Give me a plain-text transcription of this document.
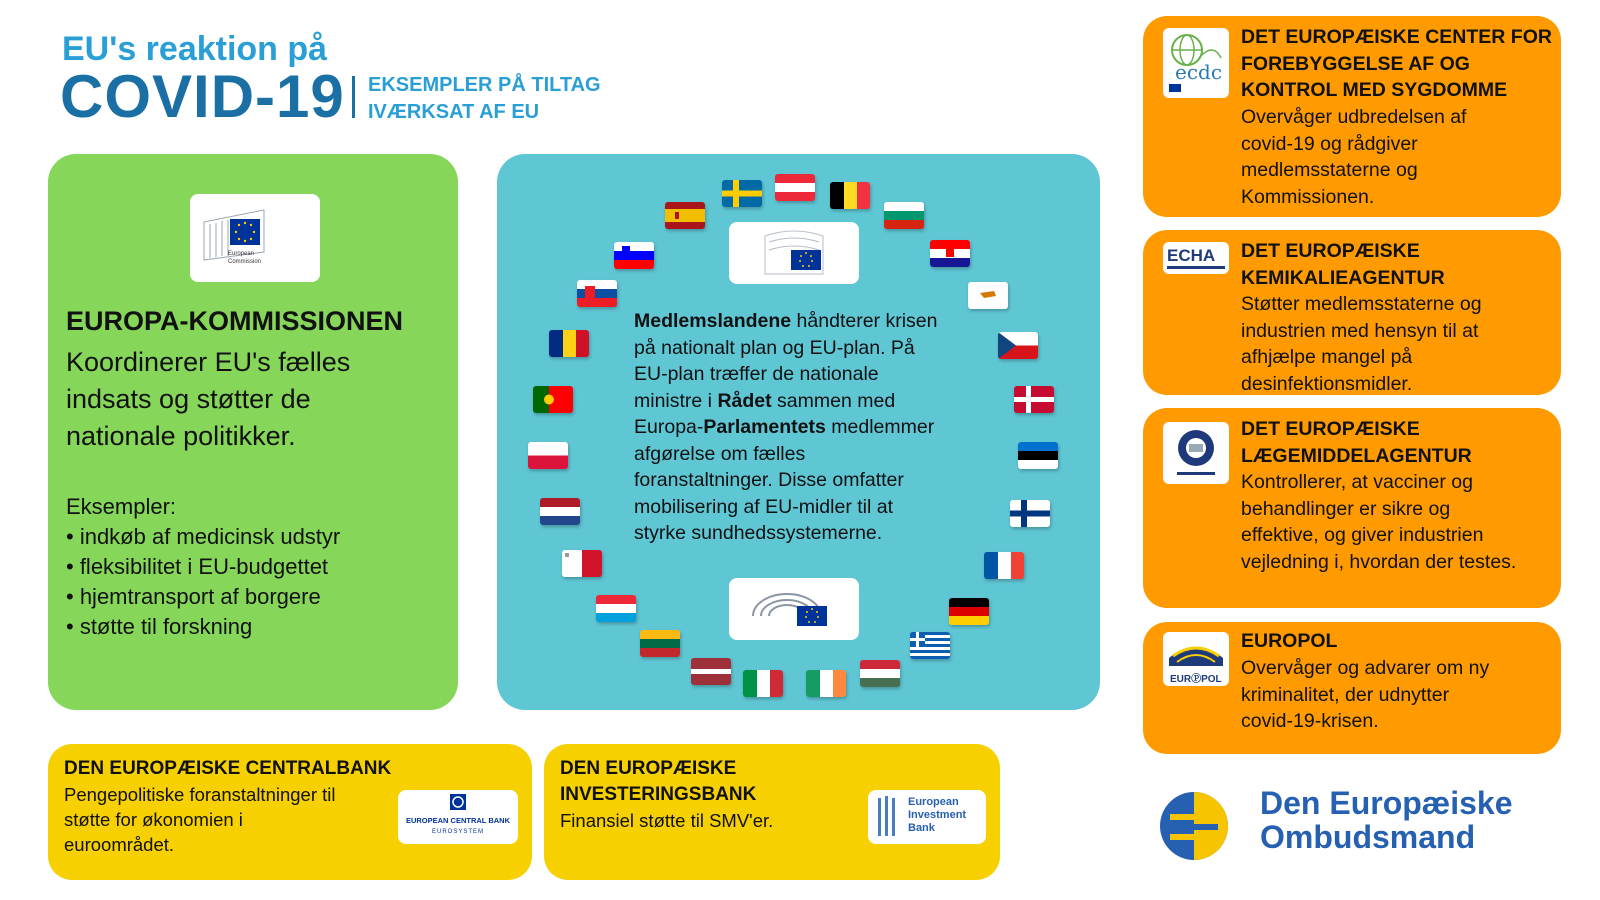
EU's reaktion på
COVID-19 EKSEMPLER PÅ TILTAG
IVÆRKSAT AF EU
European
Commission
EUROPA-KOMMISSIONEN
Koordinerer EU's fælles
indsats og støtter de
nationale politikker.
Eksempler:
• indkøb af medicinsk udstyr
• fleksibilitet i EU-budgettet
• hjemtransport af borgere
• støtte til forskning
Medlemslandene håndterer krisen
på nationalt plan og EU-plan. På
EU-plan træffer de nationale
ministre i Rådet sammen med
Europa-Parlamentets medlemmer
afgørelse om fælles
foranstaltninger. Disse omfatter
mobilisering af EU-midler til at
styrke sundhedssystemerne.
DEN EUROPÆISKE CENTRALBANK
Pengepolitiske foranstaltninger til
støtte for økonomien i
euroområdet.
EUROPEAN CENTRAL BANK
EUROSYSTEM
DEN EUROPÆISKE
INVESTERINGSBANK
Finansiel støtte til SMV'er.
European
Investment
Bank
ecdc
DET EUROPÆISKE CENTER FOR
FOREBYGGELSE AF OG
KONTROL MED SYGDOMME
Overvåger udbredelsen af
covid-19 og rådgiver
medlemsstaterne og
Kommissionen.
ECHA DET EUROPÆISKE
KEMIKALIEAGENTUR
Støtter medlemsstaterne og
industrien med hensyn til at
afhjælpe mangel på
desinfektionsmidler.
DET EUROPÆISKE
LÆGEMIDDELAGENTUR
Kontrollerer, at vacciner og
behandlinger er sikre og
effektive, og giver industrien
vejledning i, hvordan der testes.
EURⓅPOL
EUROPOL
Overvåger og advarer om ny
kriminalitet, der udnytter
covid-19-krisen.
Den Europæiske
Ombudsmand
